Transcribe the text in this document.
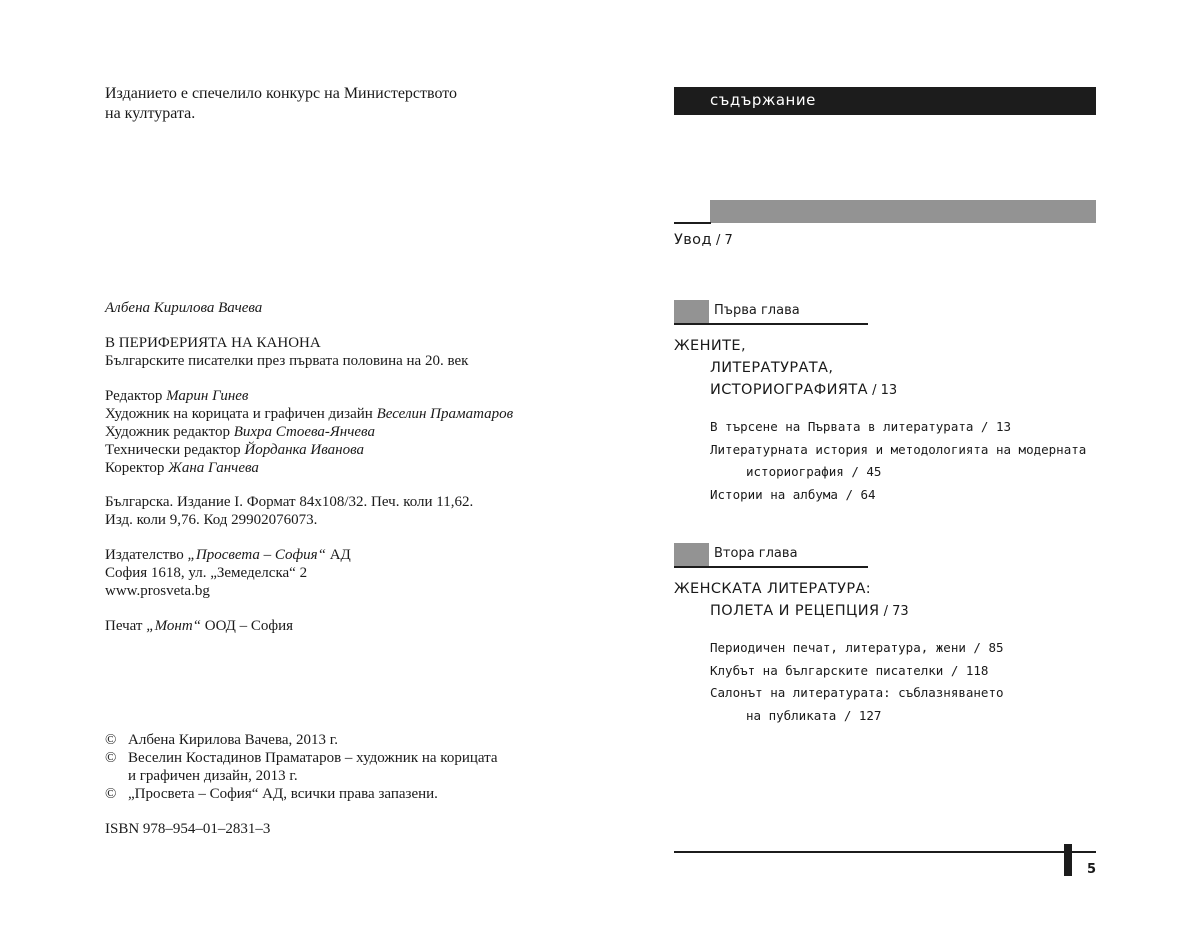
Изданието е спечелило конкурс на Министерството
на културата.
Албена Кирилова Вачева
В ПЕРИФЕРИЯТА НА КАНОНА
Българските писателки през първата половина на 20. век
Редактор Марин Гинев
Художник на корицата и графичен дизайн Веселин Праматаров
Художник редактор Вихра Стоева-Янчева
Технически редактор Йорданка Иванова
Коректор Жана Ганчева
Българска. Издание I. Формат 84x108/32. Печ. коли 11,62.
Изд. коли 9,76. Код 29902076073.
Издателство „Просвета – София“ АД
София 1618, ул. „Земеделска“ 2
www.prosveta.bg
Печат „Монт“ ООД – София
© Албена Кирилова Вачева, 2013 г.
© Веселин Костадинов Праматаров – художник на корицата
и графичен дизайн, 2013 г.
© „Просвета – София“ АД, всички права запазени.
ISBN 978–954–01–2831–3
съдържание
Увод / 7
Първа глава
ЖЕНИТЕ,
ЛИТЕРАТУРАТА,
ИСТОРИОГРАФИЯТА / 13
В търсене на Първата в литературата / 13
Литературната история и методологията на модерната
историография / 45
Истории на албума / 64
Втора глава
ЖЕНСКАТА ЛИТЕРАТУРА:
ПОЛЕТА И РЕЦЕПЦИЯ / 73
Периодичен печат, литература, жени / 85
Клубът на българските писателки / 118
Салонът на литературата: съблазняването
на публиката / 127
5
